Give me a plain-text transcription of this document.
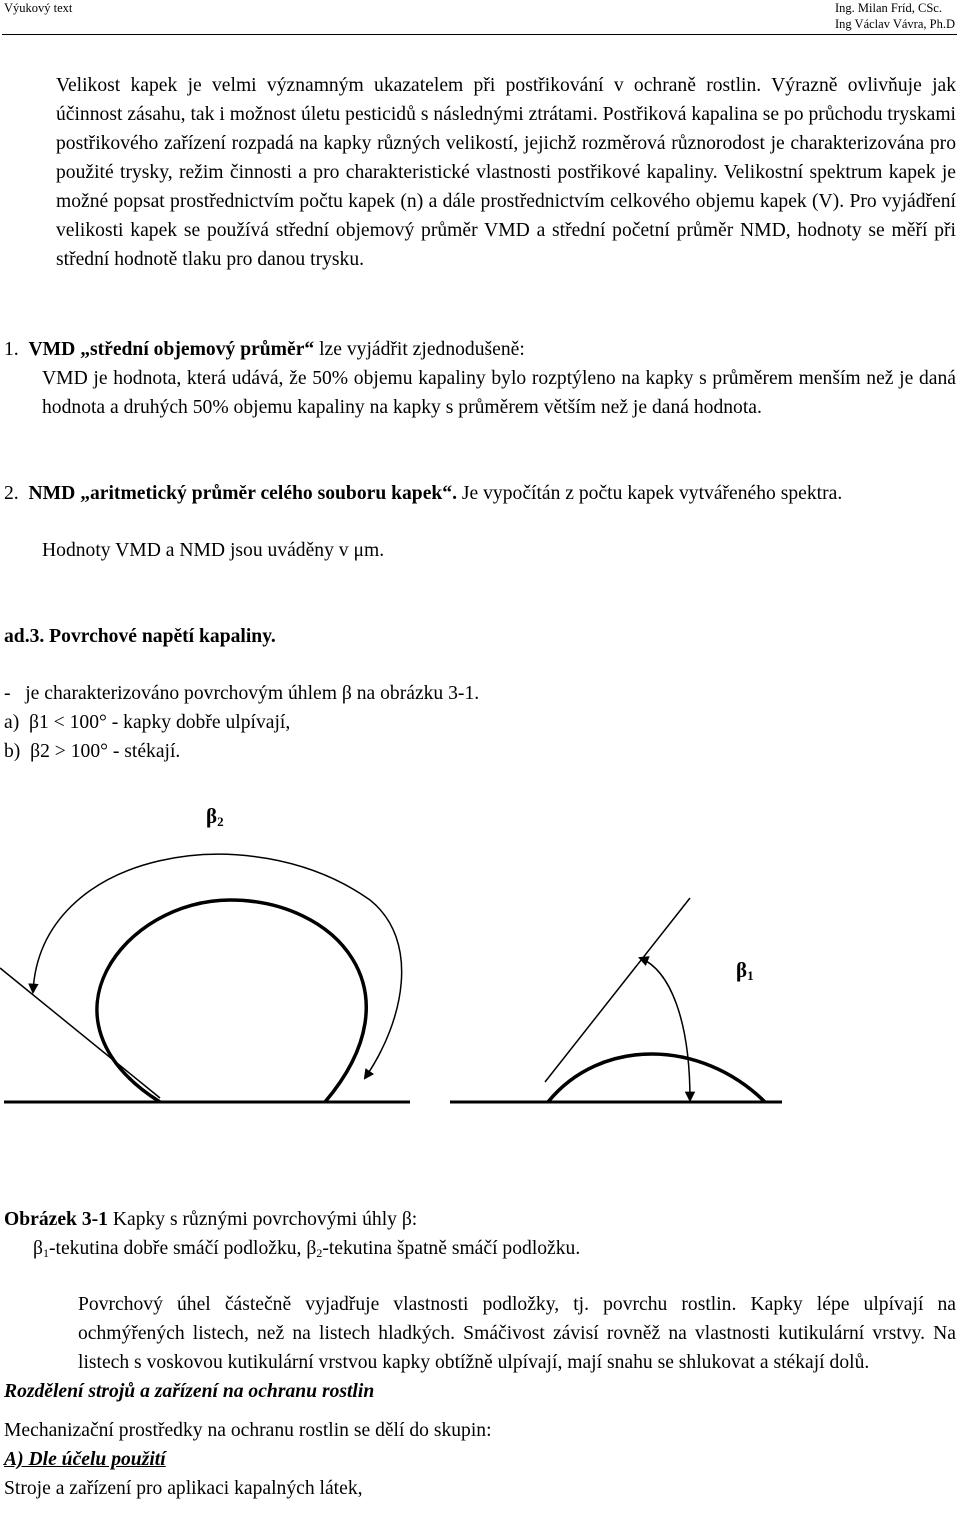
Výukový text	Ing. Milan Fríd, CSc.
Ing Václav Vávra, Ph.D

Velikost kapek je velmi významným ukazatelem při postřikování v ochraně rostlin. Výrazně ovlivňuje jak účinnost zásahu, tak i možnost úletu pesticidů s následnými ztrátami. Postřiková kapalina se po průchodu tryskami postřikového zařízení rozpadá na kapky různých velikostí, jejichž rozměrová různorodost je charakterizována pro použité trysky, režim činnosti a pro charakteristické vlastnosti postřikové kapaliny. Velikostní spektrum kapek je možné popsat prostřednictvím počtu kapek (n) a dále prostřednictvím celkového objemu kapek (V). Pro vyjádření velikosti kapek se používá střední objemový průměr VMD a střední početní průměr NMD, hodnoty se měří při střední hodnotě tlaku pro danou trysku.

1. VMD „střední objemový průměr“ lze vyjádřit zjednodušeně:

VMD je hodnota, která udává, že 50% objemu kapaliny bylo rozptýleno na kapky s průměrem menším než je daná hodnota a druhých 50% objemu kapaliny na kapky s průměrem větším než je daná hodnota.

2. NMD „aritmetický průměr celého souboru kapek“. Je vypočítán z počtu kapek vytvářeného spektra.

Hodnoty VMD a NMD jsou uváděny v μm.

ad.3. Povrchové napětí kapaliny.
-   je charakterizováno povrchovým úhlem β na obrázku 3-1.
a)  β1 < 100° - kapky dobře ulpívají,
b)  β2 > 100° - stékají.
$\beta_2$
$\beta_1$
Obrázek 3-1 Kapky s různými povrchovými úhly β:
$\beta_1$-tekutina dobře smáčí podložku, $\beta_2$-tekutina špatně smáčí podložku.

Povrchový úhel částečně vyjadřuje vlastnosti podložky, tj. povrchu rostlin. Kapky lépe ulpívají na ochmýřených listech, než na listech hladkých. Smáčivost závisí rovněž na vlastnosti kutikulární vrstvy. Na listech s voskovou kutikulární vrstvou kapky obtížně ulpívají, mají snahu se shlukovat a stékají dolů.

Rozdělení strojů a zařízení na ochranu rostlin

Mechanizační prostředky na ochranu rostlin se dělí do skupin:

A) Dle účelu použití

Stroje a zařízení pro aplikaci kapalných látek,
